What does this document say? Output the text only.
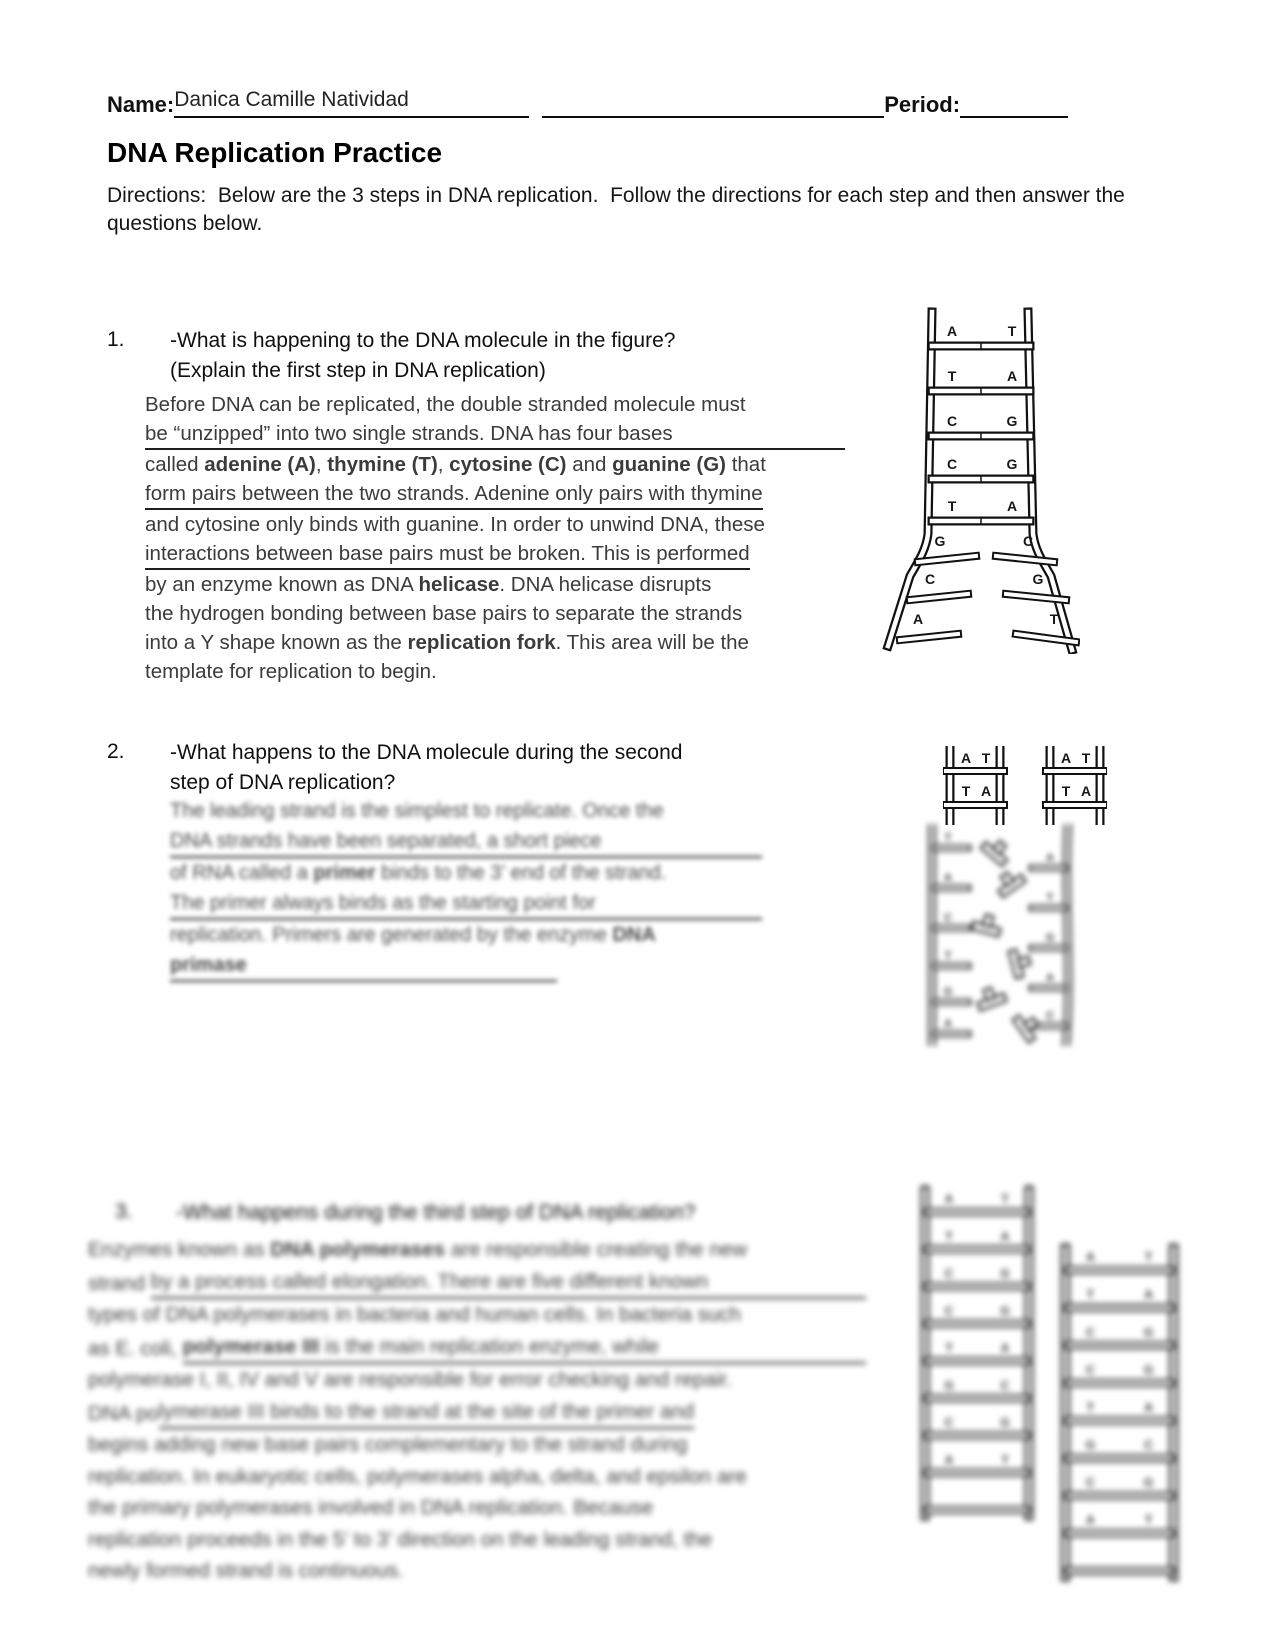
Name: Danica Camille Natividad	Period:
DNA Replication Practice
Directions:  Below are the 3 steps in DNA replication.  Follow the directions for each step and then answer the questions below.
1. -What is happening to the DNA molecule in the figure?
(Explain the first step in DNA replication)
Before DNA can be replicated, the double stranded molecule must
be “unzipped” into two single strands. DNA has four bases
called adenine (A) , thymine (T) , cytosine (C) and guanine (G) that
form pairs between the two strands. Adenine only pairs with thymine
and cytosine only binds with guanine. In order to unwind DNA, these
interactions between base pairs must be broken. This is performed
by an enzyme known as DNA helicase . DNA helicase disrupts
the hydrogen bonding between base pairs to separate the strands
into a Y shape known as the replication fork . This area will be the
template for replication to begin.
A	T
T	A
C	G
C	G
T	A
G	C
C	G
A	T
2. -What happens to the DNA molecule during the second
step of DNA replication?
The leading strand is the simplest to replicate. Once the
DNA strands have been separated, a short piece
of RNA called a primer binds to the 3’ end of the strand.
The primer always binds as the starting point for
replication. Primers are generated by the enzyme DNA
primase
A T
T A
A T
T A
T
A
C
T
G
A
A
T
G
A
C
3. -What happens during the third step of DNA replication?
Enzymes known as DNA polymerases are responsible creating the new
strand by a process called elongation. There are five different known
types of DNA polymerases in bacteria and human cells. In bacteria such
as E. coli, polymerase III is the main replication enzyme, while
polymerase I, II, IV and V are responsible for error checking and repair.
DNA po lymerase III binds to the strand at the site of the primer and
begins adding new base pairs complementary to the strand during
replication. In eukaryotic cells, polymerases alpha, delta, and epsilon are
the primary polymerases involved in DNA replication. Because
replication proceeds in the 5’ to 3’ direction on the leading strand, the
newly formed strand is continuous.
A	T
T	A
C	G
C	G
T	A
G	C
C	G
A	T
A	T
T	A
C	G
C	G
T	A
G	C
C	G
A	T
